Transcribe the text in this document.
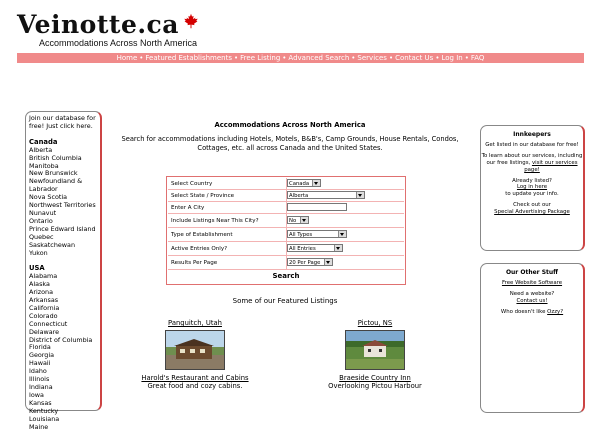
Veinotte.ca
Accommodations Across North America
Home • Featured Establishments • Free Listing • Advanced Search • Services • Contact Us • Log In • FAQ
Join our database for free! Just click here.
Canada
Alberta
British Columbia
Manitoba
New Brunswick
Newfoundland & Labrador
Nova Scotia
Northwest Territories
Nunavut
Ontario
Prince Edward Island
Quebec
Saskatchewan
Yukon
USA
Alabama
Alaska
Arizona
Arkansas
California
Colorado
Connecticut
Delaware
District of Columbia
Florida
Georgia
Hawaii
Idaho
Illinois
Indiana
Iowa
Kansas
Kentucky
Louisiana
Maine
Accommodations Across North America
Search for accommodations including Hotels, Motels, B&B's, Camp Grounds, House Rentals, Condos, Cottages, etc. all across Canada and the United States.
Select Country	Canada
Select State / Province	Alberta
Enter A City
Include Listings Near This City?	No
Type of Establishment	All Types
Active Entries Only?	All Entries
Results Per Page	20 Per Page
Search
Some of our Featured Listings
Panguitch, Utah
Harold's Restaurant and Cabins
Great food and cozy cabins.
Pictou, NS
Braeside Country Inn
Overlooking Pictou Harbour
Innkeepers

Get listed in our database for free!

To learn about our services, including our free listings, visit our services page!

Already listed?
Log in here
to update your info.

Check out our
Special Advertising Package

Our Other Stuff

Free Website Software

Need a website?
Contact us!

Who doesn't like Ozzy?
